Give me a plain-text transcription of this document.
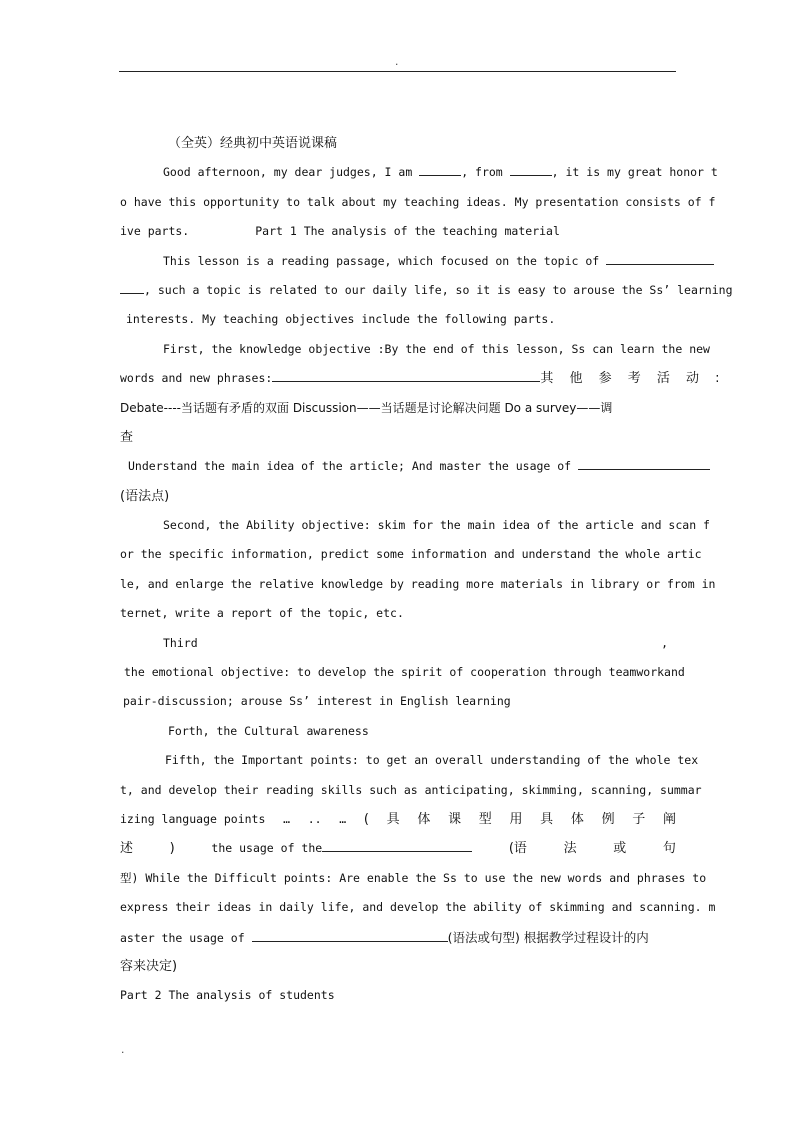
.
（全英）经典初中英语说课稿
Good afternoon, my dear judges, I am	, from	, it is my great honor t
o have this opportunity to talk about my teaching ideas. My presentation consists of f
ive parts.	Part 1 The analysis of the teaching material
This lesson is a reading passage, which focused on the topic of
, such a topic is related to our daily life, so it is easy to arouse the Ss’ learning
interests. My teaching objectives include the following parts.
First, the knowledge objective :By the end of this lesson, Ss can learn the new
words and new phrases:	其 他 参 考 活 动 :
Debate----当话题有矛盾的双面 Discussion——当话题是讨论解决问题 Do a survey——调
查
Understand the main idea of the article; And master the usage of
(语法点)
Second, the Ability objective: skim for the main idea of the article and scan f
or the specific information, predict some information and understand the whole artic
le, and enlarge the relative knowledge by reading more materials in library or from in
ternet, write a report of the topic, etc.
Third	,
the emotional objective: to develop the spirit of cooperation through teamwork and
pair-discussion; arouse Ss’ interest in English learning
Forth, the Cultural awareness
Fifth, the Important points: to get an overall understanding of the whole tex
t, and develop their reading skills such as anticipating, skimming, scanning, summar
izing language points … .. … ( 具 体 课 型 用 具 体 例 子 阐
述	)	the usage of the	(语	法	或	句
型) While the Difficult points: Are enable the Ss to use the new words and phrases to
express their ideas in daily life, and develop the ability of skimming and scanning. m
aster the usage of	(语法或句型) 根据教学过程设计的内
容来决定)
Part 2 The analysis of students
.
